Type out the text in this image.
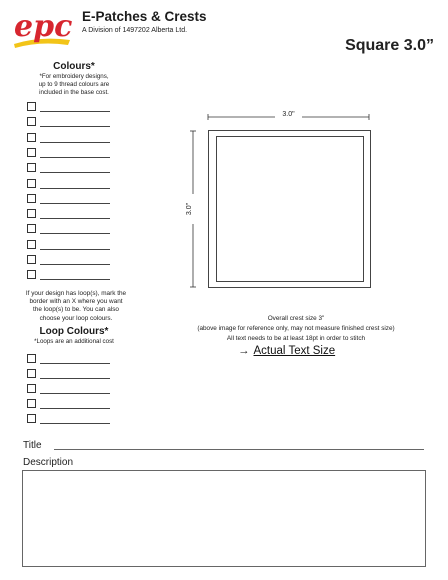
epc E-Patches & Crests
A Division of 1497202 Alberta Ltd.
Square 3.0”
Colours*
*For embroidery designs,
up to 9 thread colours are
included in the base cost.
If your design has loop(s), mark the
border with an X where you want
the loop(s) to be. You can also
choose your loop colours.
Loop Colours*
*Loops are an additional cost
3.0"
3.0"
Overall crest size 3"
(above image for reference only, may not measure finished crest size)
All text needs to be at least 18pt in order to stitch
→ Actual Text Size
Title
Description
